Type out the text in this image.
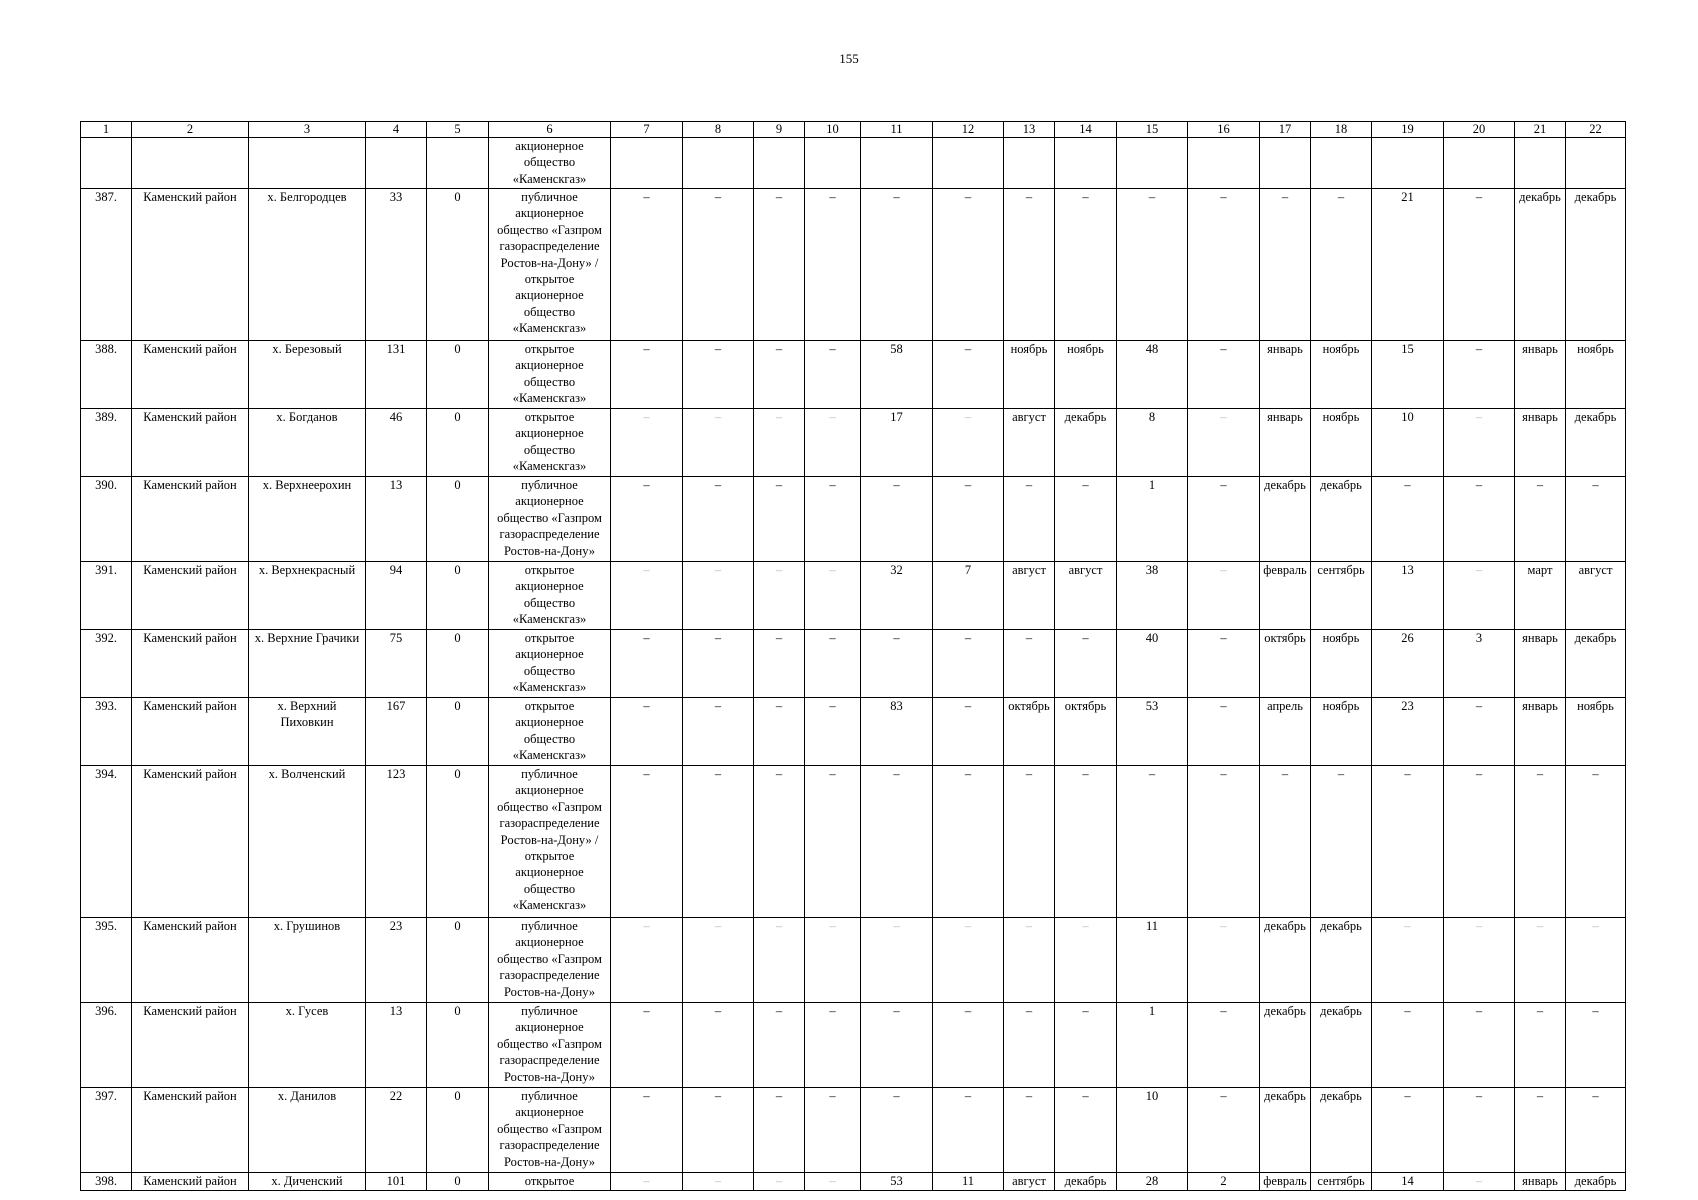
155
1	2	3	4	5	6	7	8	9	10	11	12	13	14	15	16	17	18	19	20	21	22
					акционерное общество «Каменскгаз»																
387.	Каменский район	х. Белгородцев	33	0	публичное акционерное общество «Газпром газораспределение Ростов-на-Дону» / открытое акционерное общество «Каменскгаз»	–	–	–	–	–	–	–	–	–	–	–	–	21	–	декабрь	декабрь
388.	Каменский район	х. Березовый	131	0	открытое акционерное общество «Каменскгаз»	–	–	–	–	58	–	ноябрь	ноябрь	48	–	январь	ноябрь	15	–	январь	ноябрь
389.	Каменский район	х. Богданов	46	0	открытое акционерное общество «Каменскгаз»	–	–	–	–	17	–	август	декабрь	8	–	январь	ноябрь	10	–	январь	декабрь
390.	Каменский район	х. Верхнеерохин	13	0	публичное акционерное общество «Газпром газораспределение Ростов-на-Дону»	–	–	–	–	–	–	–	–	1	–	декабрь	декабрь	–	–	–	–
391.	Каменский район	х. Верхнекрасный	94	0	открытое акционерное общество «Каменскгаз»	–	–	–	–	32	7	август	август	38	–	февраль	сентябрь	13	–	март	август
392.	Каменский район	х. Верхние Грачики	75	0	открытое акционерное общество «Каменскгаз»	–	–	–	–	–	–	–	–	40	–	октябрь	ноябрь	26	3	январь	декабрь
393.	Каменский район	х. Верхний Пиховкин	167	0	открытое акционерное общество «Каменскгаз»	–	–	–	–	83	–	октябрь	октябрь	53	–	апрель	ноябрь	23	–	январь	ноябрь
394.	Каменский район	х. Волченский	123	0	публичное акционерное общество «Газпром газораспределение Ростов-на-Дону» / открытое акционерное общество «Каменскгаз»	–	–	–	–	–	–	–	–	–	–	–	–	–	–	–	–
395.	Каменский район	х. Грушинов	23	0	публичное акционерное общество «Газпром газораспределение Ростов-на-Дону»	–	–	–	–	–	–	–	–	11	–	декабрь	декабрь	–	–	–	–
396.	Каменский район	х. Гусев	13	0	публичное акционерное общество «Газпром газораспределение Ростов-на-Дону»	–	–	–	–	–	–	–	–	1	–	декабрь	декабрь	–	–	–	–
397.	Каменский район	х. Данилов	22	0	публичное акционерное общество «Газпром газораспределение Ростов-на-Дону»	–	–	–	–	–	–	–	–	10	–	декабрь	декабрь	–	–	–	–
398.	Каменский район	х. Диченский	101	0	открытое	–	–	–	–	53	11	август	декабрь	28	2	февраль	сентябрь	14	–	январь	декабрь
